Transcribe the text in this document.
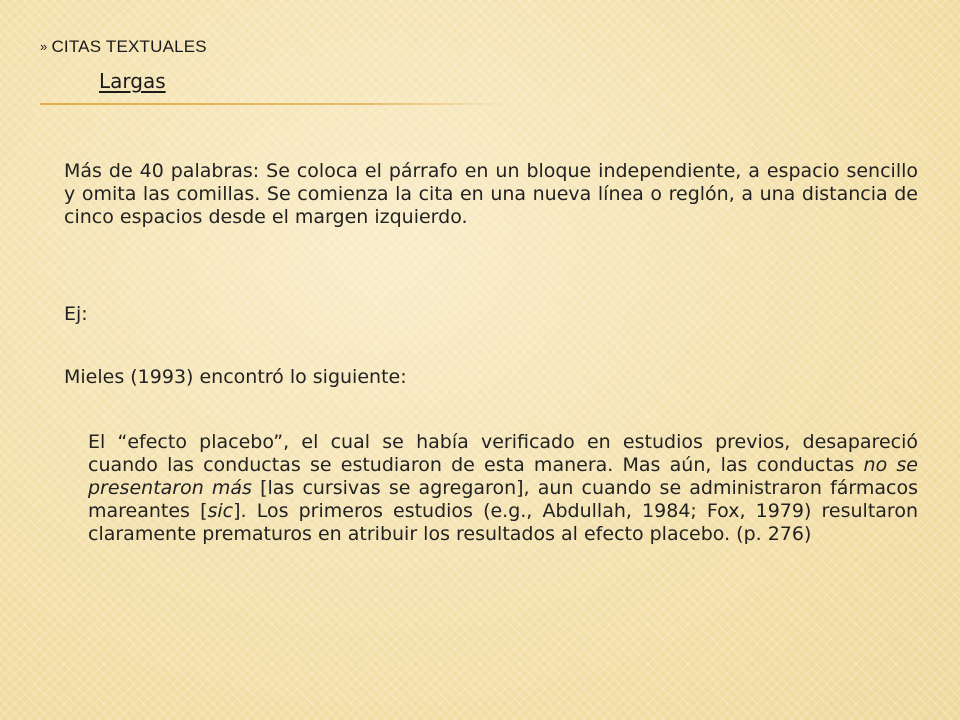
» CITAS TEXTUALES
Largas
Más de 40 palabras: Se coloca el párrafo en un bloque independiente, a espacio sencillo y omita las comillas. Se comienza la cita en una nueva línea o reglón, a una distancia de cinco espacios desde el margen izquierdo.
Ej:
Mieles (1993) encontró lo siguiente:
El “efecto placebo”, el cual se había verificado en estudios previos, desapareció cuando las conductas se estudiaron de esta manera. Mas aún, las conductas no se presentaron más [las cursivas se agregaron], aun cuando se administraron fármacos mareantes [sic]. Los primeros estudios (e.g., Abdullah, 1984; Fox, 1979) resultaron claramente prematuros en atribuir los resultados al efecto placebo. (p. 276)
